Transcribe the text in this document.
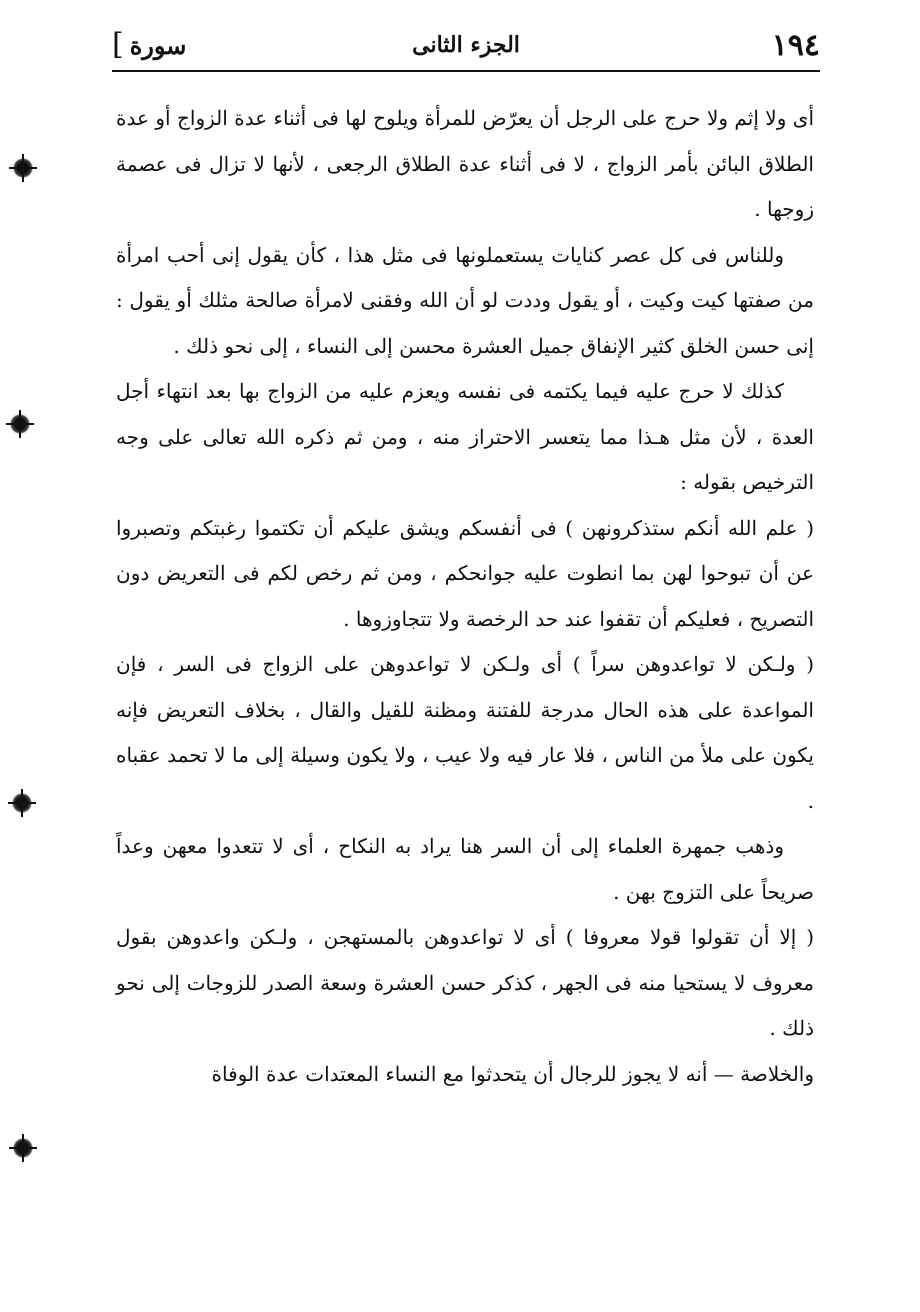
١٩٤
الجزء الثانى
[ سورة

أى ولا إثم ولا حرج على الرجل أن يعرّض للمرأة ويلوح لها فى أثناء عدة الزواج أو عدة الطلاق البائن بأمر الزواج ، لا فى أثناء عدة الطلاق الرجعى ، لأنها لا تزال فى عصمة زوجها .

وللناس فى كل عصر كنايات يستعملونها فى مثل هذا ، كأن يقول إنى أحب امرأة من صفتها كيت وكيت ، أو يقول وددت لو أن الله وفقنى لامرأة صالحة مثلك أو يقول : إنى حسن الخلق كثير الإنفاق جميل العشرة محسن إلى النساء ، إلى نحو ذلك .

كذلك لا حرج عليه فيما يكتمه فى نفسه ويعزم عليه من الزواج بها بعد انتهاء أجل العدة ، لأن مثل هـذا مما يتعسر الاحتراز منه ، ومن ثم ذكره الله تعالى على وجه الترخيص بقوله :

( علم الله أنكم ستذكرونهن ) فى أنفسكم ويشق عليكم أن تكتموا رغبتكم وتصبروا عن أن تبوحوا لهن بما انطوت عليه جوانحكم ، ومن ثم رخص لكم فى التعريض دون التصريح ، فعليكم أن تقفوا عند حد الرخصة ولا تتجاوزوها .

( ولـكن لا تواعدوهن سراً ) أى ولـكن لا تواعدوهن على الزواج فى السر ، فإن المواعدة على هذه الحال مدرجة للفتنة ومظنة للقيل والقال ، بخلاف التعريض فإنه يكون على ملأ من الناس ، فلا عار فيه ولا عيب ، ولا يكون وسيلة إلى ما لا تحمد عقباه .

وذهب جمهرة العلماء إلى أن السر هنا يراد به النكاح ، أى لا تتعدوا معهن وعداً صريحاً على التزوج بهن .

( إلا أن تقولوا قولا معروفا ) أى لا تواعدوهن بالمستهجن ، ولـكن واعدوهن بقول معروف لا يستحيا منه فى الجهر ، كذكر حسن العشرة وسعة الصدر للزوجات إلى نحو ذلك .

والخلاصة — أنه لا يجوز للرجال أن يتحدثوا مع النساء المعتدات عدة الوفاة
